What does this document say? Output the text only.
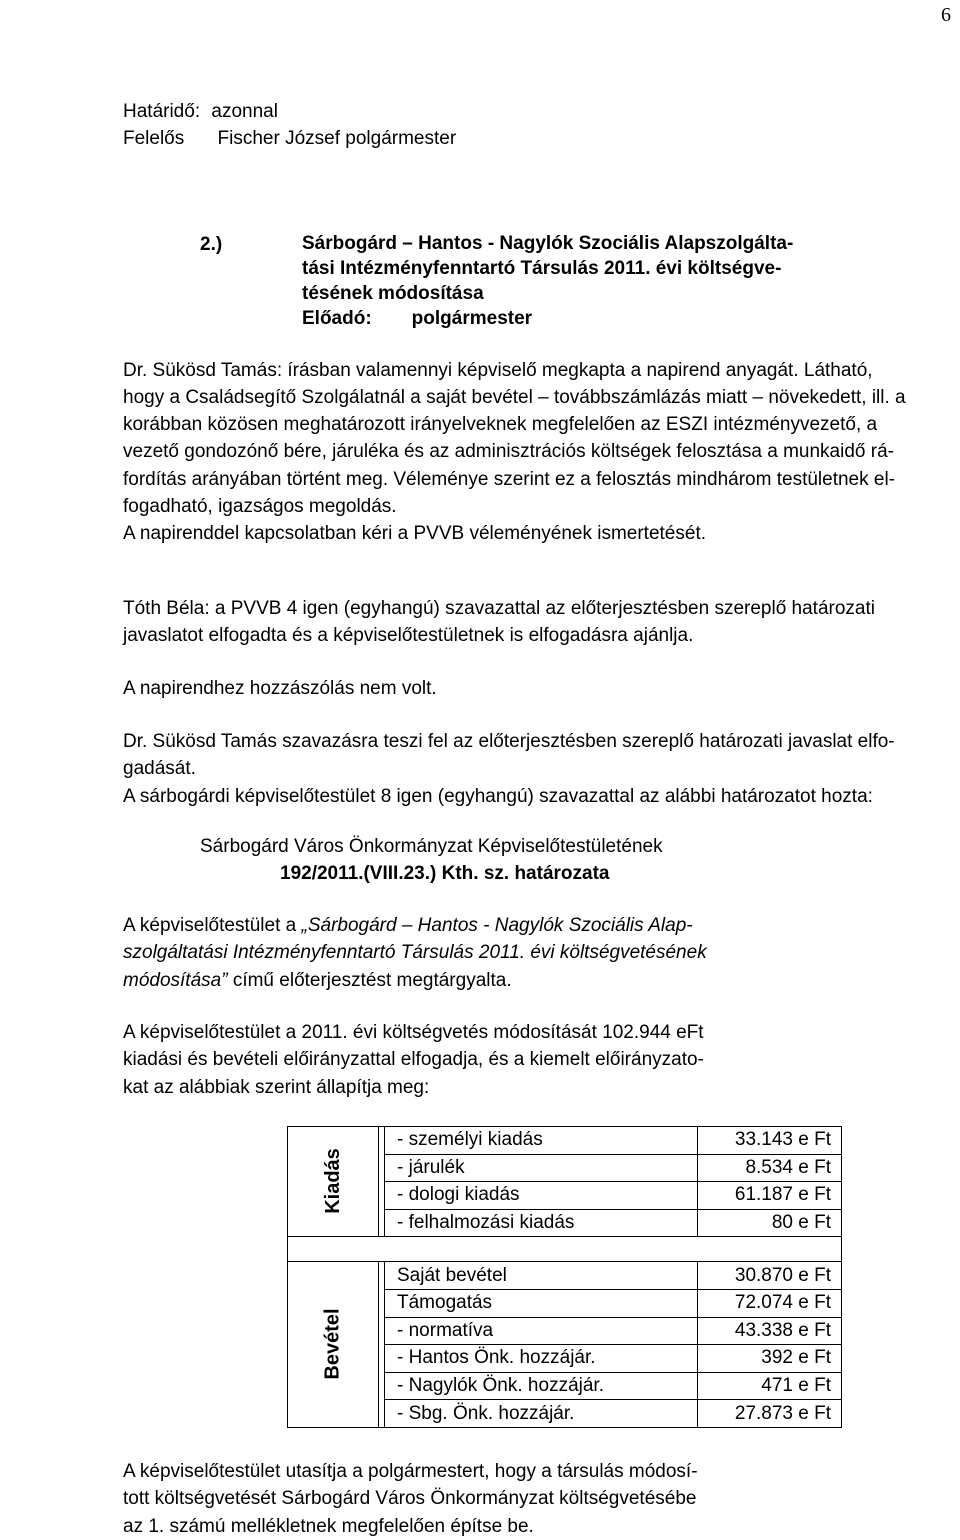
6
Határidő: azonnal
Felelős Fischer József polgármester
2.)	Sárbogárd – Hantos - Nagylók Szociális Alapszolgálta-
tási Intézményfenntartó Társulás 2011. évi költségve-
tésének módosítása
Előadó: polgármester
Dr. Sükösd Tamás: írásban valamennyi képviselő megkapta a napirend anyagát. Látható,
hogy a Családsegítő Szolgálatnál a saját bevétel – továbbszámlázás miatt – növekedett, ill. a
korábban közösen meghatározott irányelveknek megfelelően az ESZI intézményvezető, a
vezető gondozónő bére, járuléka és az adminisztrációs költségek felosztása a munkaidő rá-
fordítás arányában történt meg. Véleménye szerint ez a felosztás mindhárom testületnek el-
fogadható, igazságos megoldás.
A napirenddel kapcsolatban kéri a PVVB véleményének ismertetését.
Tóth Béla: a PVVB 4 igen (egyhangú) szavazattal az előterjesztésben szereplő határozati
javaslatot elfogadta és a képviselőtestületnek is elfogadásra ajánlja.
A napirendhez hozzászólás nem volt.
Dr. Sükösd Tamás szavazásra teszi fel az előterjesztésben szereplő határozati javaslat elfo-
gadását.
A sárbogárdi képviselőtestület 8 igen (egyhangú) szavazattal az alábbi határozatot hozta:
Sárbogárd Város Önkormányzat Képviselőtestületének
192/2011.(VIII.23.) Kth. sz. határozata
A képviselőtestület a „Sárbogárd – Hantos - Nagylók Szociális Alap-
szolgáltatási Intézményfenntartó Társulás 2011. évi költségvetésének
módosítása” című előterjesztést megtárgyalta.
A képviselőtestület a 2011. évi költségvetés módosítását 102.944 eFt
kiadási és bevételi előirányzattal elfogadja, és a kiemelt előirányzato-
kat az alábbiak szerint állapítja meg:
Kiadás		- személyi kiadás	33.143 e Ft
		- járulék	8.534 e Ft
		- dologi kiadás	61.187 e Ft
		- felhalmozási kiadás	80 e Ft

Bevétel		Saját bevétel	30.870 e Ft
		Támogatás	72.074 e Ft
		- normatíva	43.338 e Ft
		- Hantos Önk. hozzájár.	392 e Ft
		- Nagylók Önk. hozzájár.	471 e Ft
		- Sbg. Önk. hozzájár.	27.873 e Ft
A képviselőtestület utasítja a polgármestert, hogy a társulás módosí-
tott költségvetését Sárbogárd Város Önkormányzat költségvetésébe
az 1. számú mellékletnek megfelelően építse be.
